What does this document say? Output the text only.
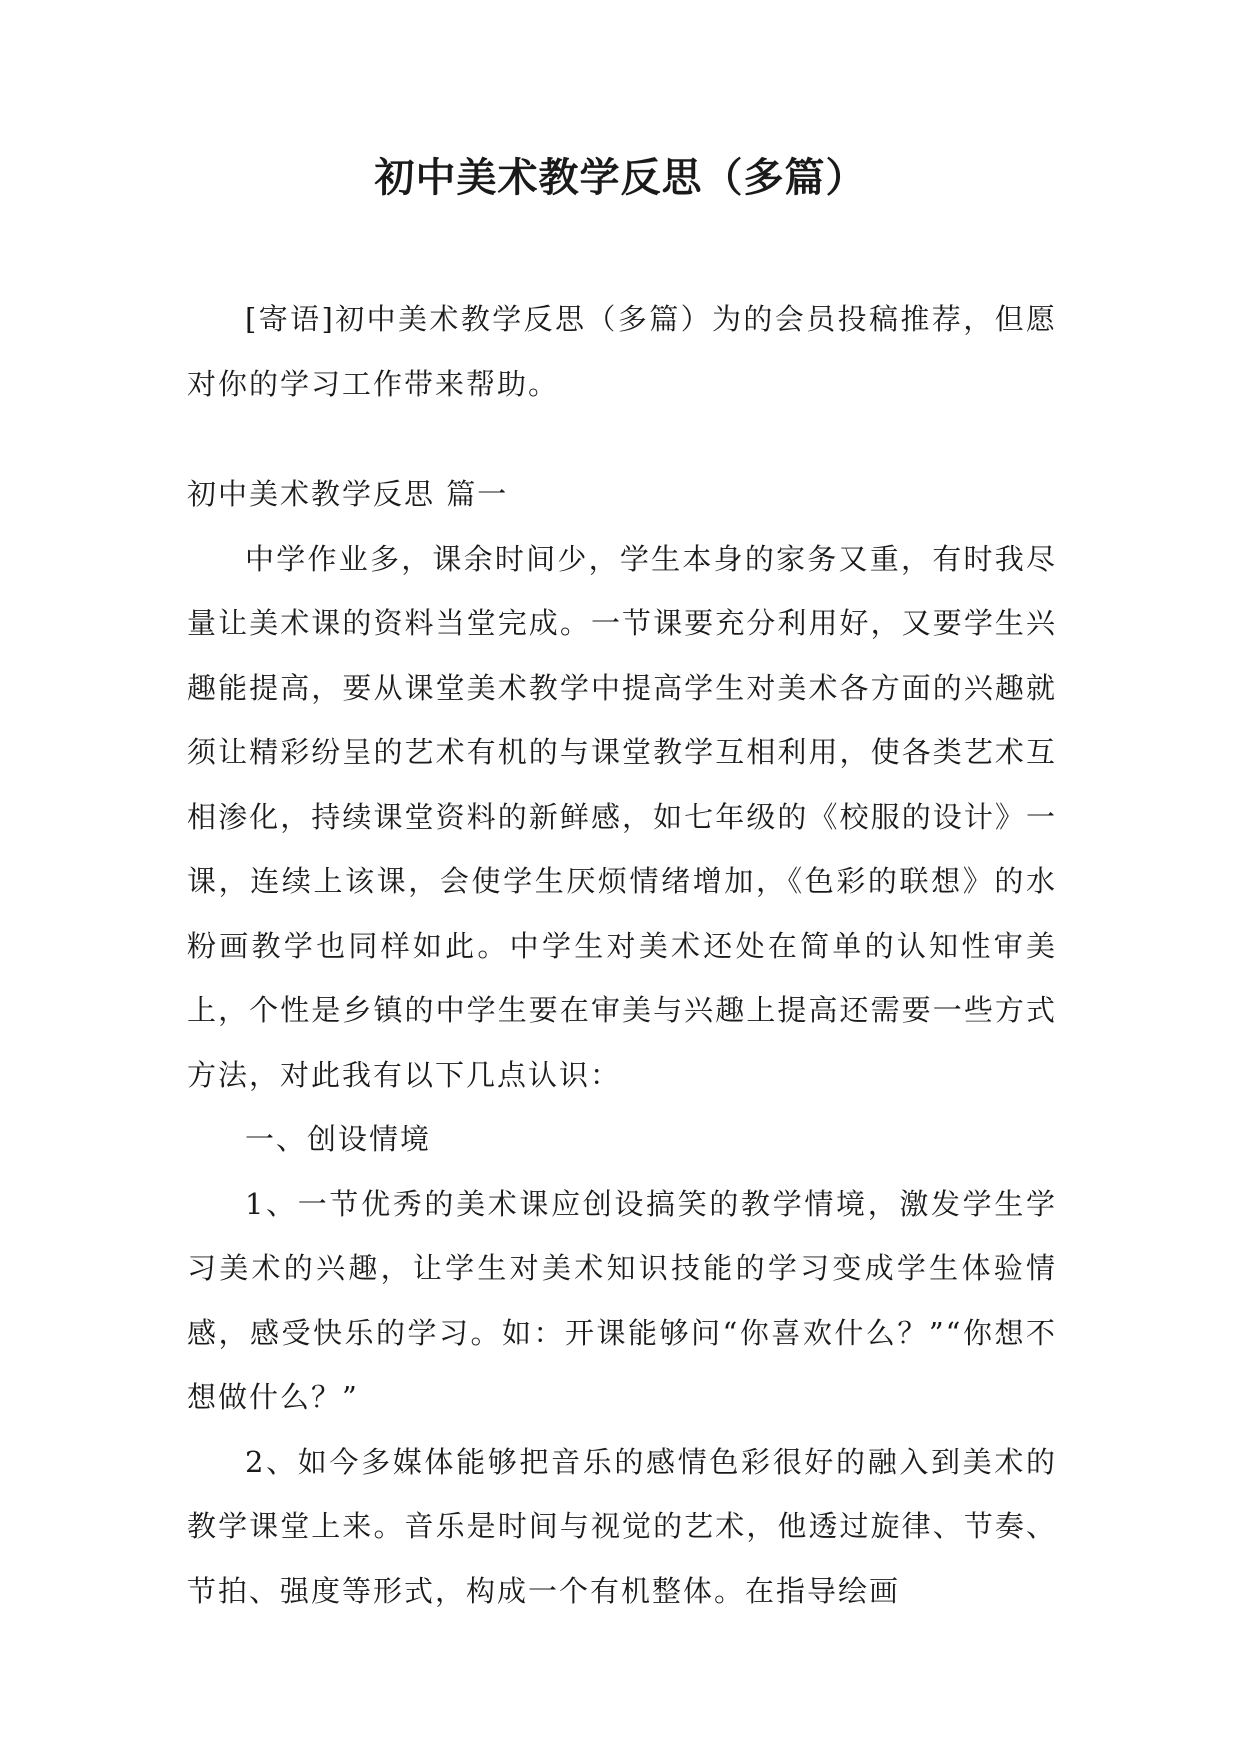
初中美术教学反思（多篇）

[寄语]初中美术教学反思（多篇）为的会员投稿推荐，但愿对你的学习工作带来帮助。

初中美术教学反思 篇一

中学作业多，课余时间少，学生本身的家务又重，有时我尽量让美术课的资料当堂完成。一节课要充分利用好，又要学生兴趣能提高，要从课堂美术教学中提高学生对美术各方面的兴趣就须让精彩纷呈的艺术有机的与课堂教学互相利用，使各类艺术互相渗化，持续课堂资料的新鲜感，如七年级的《校服的设计》一课，连续上该课，会使学生厌烦情绪增加，《色彩的联想》的水粉画教学也同样如此。中学生对美术还处在简单的认知性审美上，个性是乡镇的中学生要在审美与兴趣上提高还需要一些方式方法，对此我有以下几点认识：

一、创设情境

1、一节优秀的美术课应创设搞笑的教学情境，激发学生学习美术的兴趣，让学生对美术知识技能的学习变成学生体验情感，感受快乐的学习。如：开课能够问“你喜欢什么？”“你想不想做什么？”

2、如今多媒体能够把音乐的感情色彩很好的融入到美术的教学课堂上来。音乐是时间与视觉的艺术，他透过旋律、节奏、节拍、强度等形式，构成一个有机整体。在指导绘画
